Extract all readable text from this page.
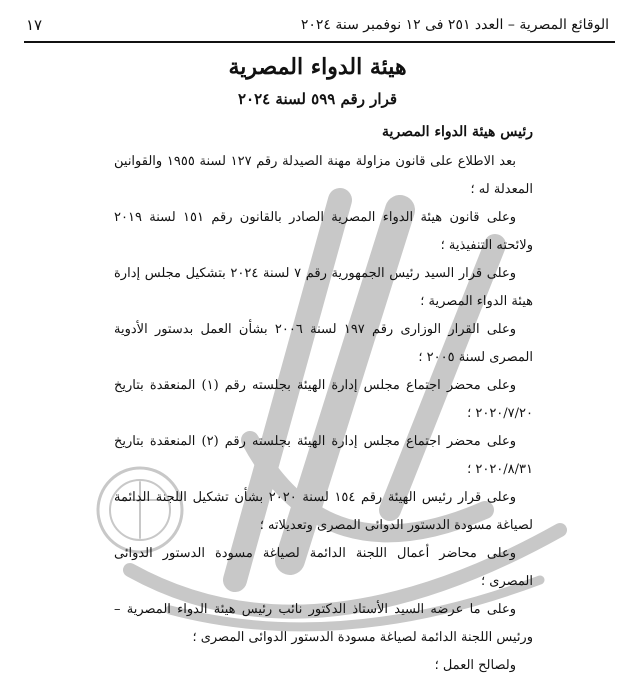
الوقائع المصرية – العدد ٢٥١ فى ١٢ نوفمبر سنة ٢٠٢٤
١٧
هيئة الدواء المصرية
قرار رقم ٥٩٩ لسنة ٢٠٢٤
رئيس هيئة الدواء المصرية

بعد الاطلاع على قانون مزاولة مهنة الصيدلة رقم ١٢٧ لسنة ١٩٥٥ والقوانين المعدلة له ؛

وعلى قانون هيئة الدواء المصرية الصادر بالقانون رقم ١٥١ لسنة ٢٠١٩ ولائحته التنفيذية ؛

وعلى قرار السيد رئيس الجمهورية رقم ٧ لسنة ٢٠٢٤ بتشكيل مجلس إدارة هيئة الدواء المصرية ؛

وعلى القرار الوزارى رقم ١٩٧ لسنة ٢٠٠٦ بشأن العمل بدستور الأدوية المصرى لسنة ٢٠٠٥ ؛

وعلى محضر اجتماع مجلس إدارة الهيئة بجلسته رقم (١) المنعقدة بتاريخ ٢٠٢٠/٧/٢٠ ؛

وعلى محضر اجتماع مجلس إدارة الهيئة بجلسته رقم (٢) المنعقدة بتاريخ ٢٠٢٠/٨/٣١ ؛

وعلى قرار رئيس الهيئة رقم ١٥٤ لسنة ٢٠٢٠ بشأن تشكيل اللجنة الدائمة لصياغة مسودة الدستور الدوائى المصرى وتعديلاته ؛

وعلى محاضر أعمال اللجنة الدائمة لصياغة مسودة الدستور الدوائى المصرى ؛

وعلى ما عرضه السيد الأستاذ الدكتور نائب رئيس هيئة الدواء المصرية – ورئيس اللجنة الدائمة لصياغة مسودة الدستور الدوائى المصرى ؛

ولصالح العمل ؛
